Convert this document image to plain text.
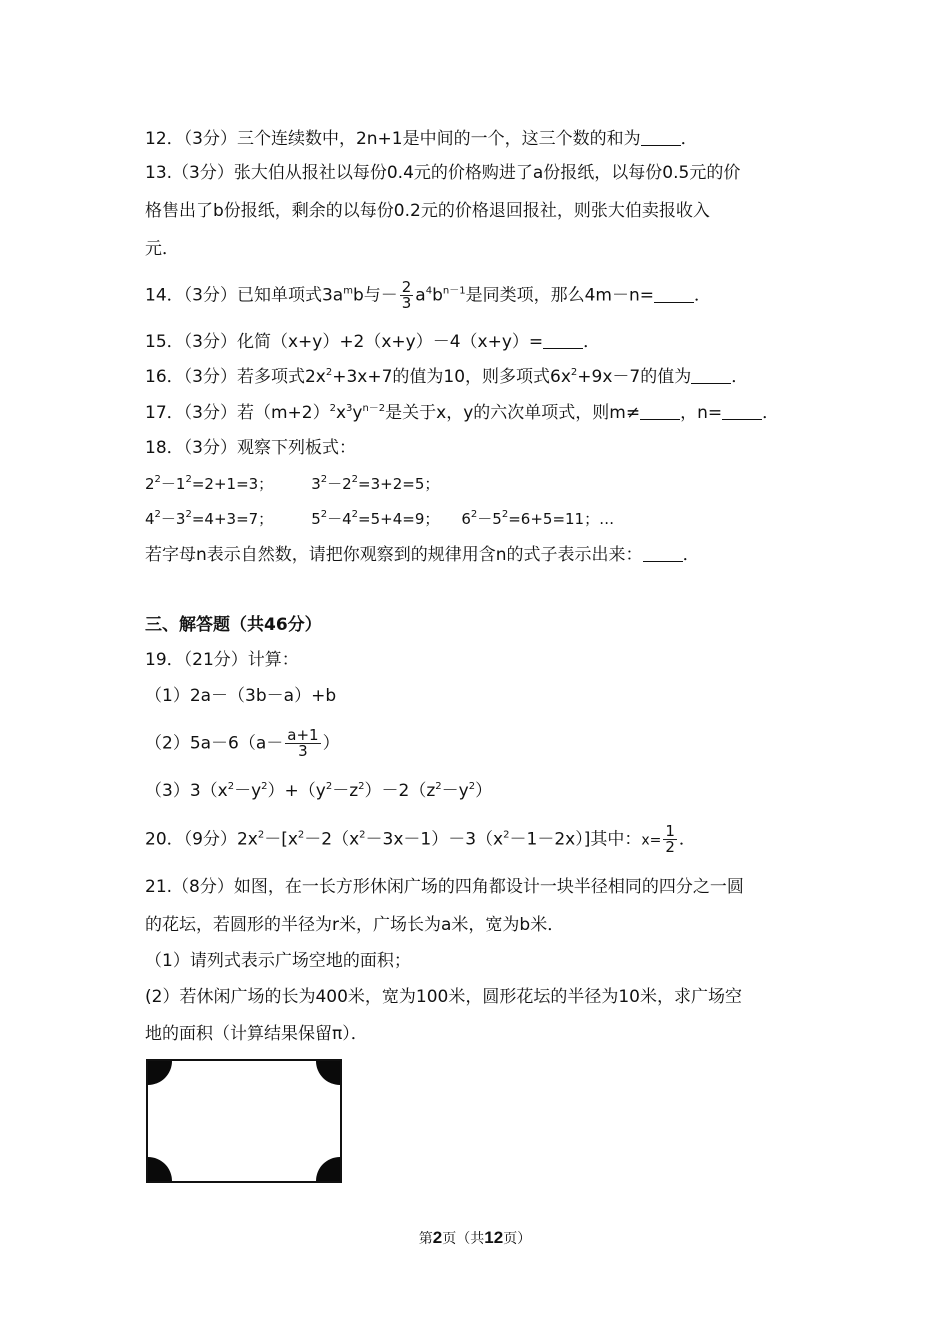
12．（3分）三个连续数中，2n+1是中间的一个，这三个数的和为 ．
13.（3分）张大伯从报社以每份0.4元的价格购进了a份报纸，以每份0.5元的价
格售出了b份报纸，剩余的以每份0.2元的价格退回报社，则张大伯卖报收入
元．
14．（3分）已知单项式$3a^mb$与－ $\frac{2}{3} a^4b^{n-1}$是同类项，那么4m－n= ．
15．（3分）化简（x+y）+2（x+y）－4（x+y）= ．
16．（3分）若多项式$2x^2+3x+7$的值为10，则多项式$6x^2+9x-7$的值为 ．
17．（3分）若$(m+2)^2x^3y^{n-2}$是关于x，y的六次单项式，则m≠ ，n= ．
18．（3分）观察下列板式：
$2^2-1^2=2+1=3$；	$3^2-2^2=3+2=5$；
$4^2-3^2=4+3=7$；	$5^2-4^2=5+4=9$； $6^2-5^2=6+5=11$；…
若字母n表示自然数，请把你观察到的规律用含n的式子表示出来： ．
三、解答题（共46分）
19．（21分）计算：
（1）2a－（3b－a）+b
$(2)5a-6(a- \frac{a+1}{3}$ ）
$(3)3(x^2-y^2)+(y^2-z^2)-2(z^2-y^2)$
20．（9分）$2x^2-[x^2-2(x^2-3x-1)-3(x^2-1-2x)]$其中：$x= \frac{1}{2}$ ．
21.（8分）如图，在一长方形休闲广场的四角都设计一块半径相同的四分之一圆
的花坛，若圆形的半径为r米，广场长为a米，宽为b米．
（1）请列式表示广场空地的面积；
(2）若休闲广场的长为400米，宽为100米，圆形花坛的半径为10米，求广场空
地的面积（计算结果保留π）．
第2页（共12页）
